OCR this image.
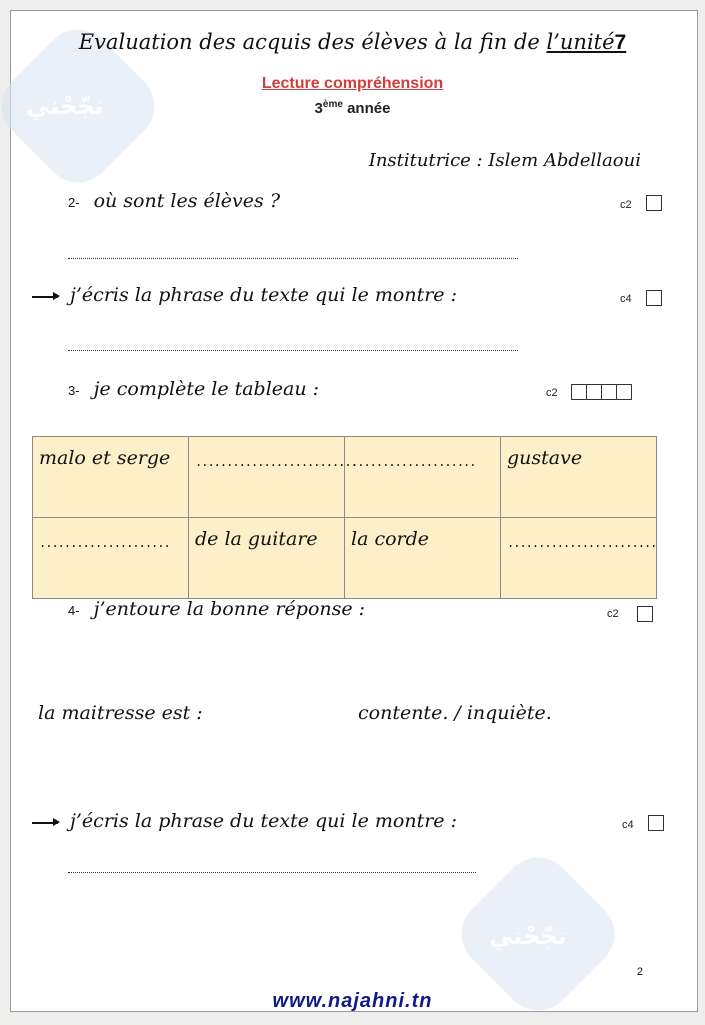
نجّحْني
نجّحْني
Evaluation des acquis des élèves à la fin de l’unité7
Lecture compréhension
3ème année
Institutrice : Islem Abdellaoui
2- où sont les élèves ?	c2
j’écris la phrase du texte qui le montre :	c4
3- je complète le tableau :	c2
malo et serge	..........................	....................	gustave
.....................	de la guitare	la corde	........................
4- j’entoure la bonne réponse :	c2
la maitresse est :	contente. / inquiète.
j’écris la phrase du texte qui le montre :	c4
2
www.najahni.tn
